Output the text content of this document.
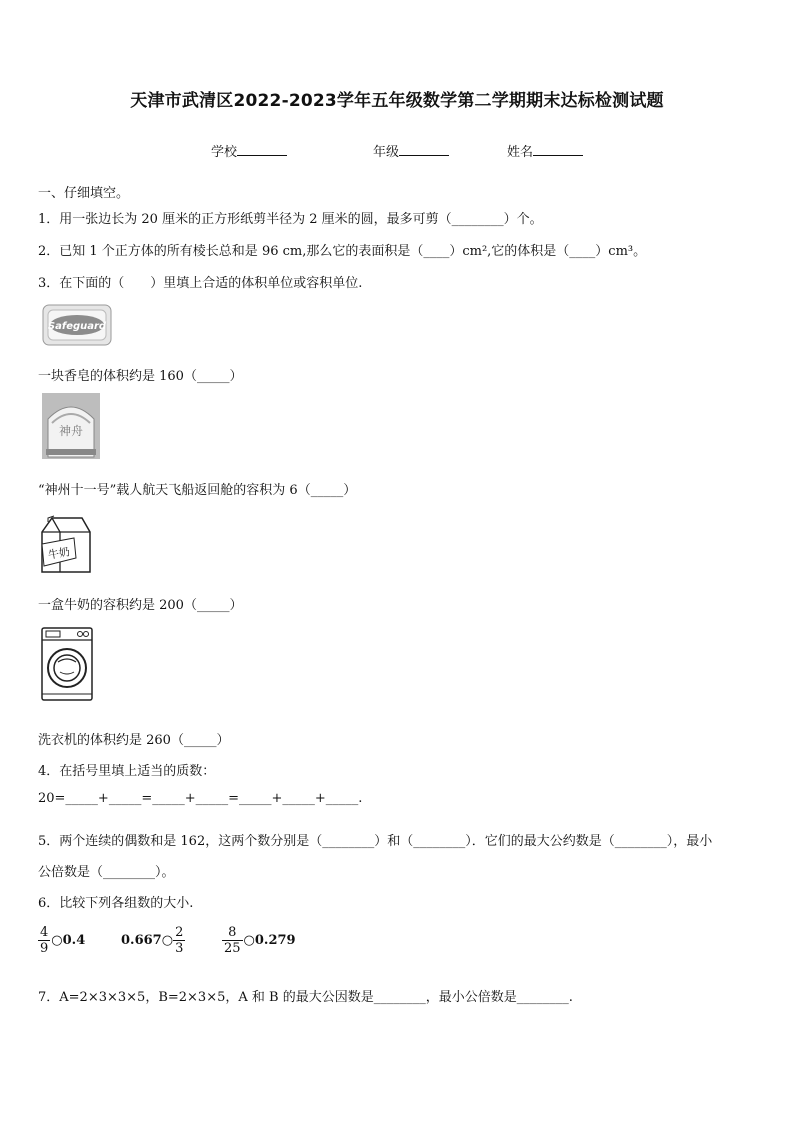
天津市武清区2022-2023学年五年级数学第二学期期末达标检测试题
学校	年级	姓名
一、仔细填空。
1．用一张边长为 20 厘米的正方形纸剪半径为 2 厘米的圆，最多可剪（________）个。
2．已知 1 个正方体的所有棱长总和是 96 cm,那么它的表面积是（____）cm²,它的体积是（____）cm³。
3．在下面的（　　）里填上合适的体积单位或容积单位.
Safeguard
一块香皂的体积约是 160（_____）
神舟
“神州十一号”载人航天飞船返回舱的容积为 6（_____）
牛奶
一盒牛奶的容积约是 200（_____）
洗衣机的体积约是 260（_____）
4．在括号里填上适当的质数：
20=_____+_____=_____+_____=_____+_____+_____.
5．两个连续的偶数和是 162，这两个数分别是（________）和（________）．它们的最大公约数是（________），最小
公倍数是（________）。
6．比较下列各组数的大小.
$\frac{4}{9}$ ○0.4	0.667○ $\frac{2}{3}$	$\frac{8}{25}$ ○0.279
7．A=2×3×3×5，B=2×3×5，A 和 B 的最大公因数是________，最小公倍数是________.
